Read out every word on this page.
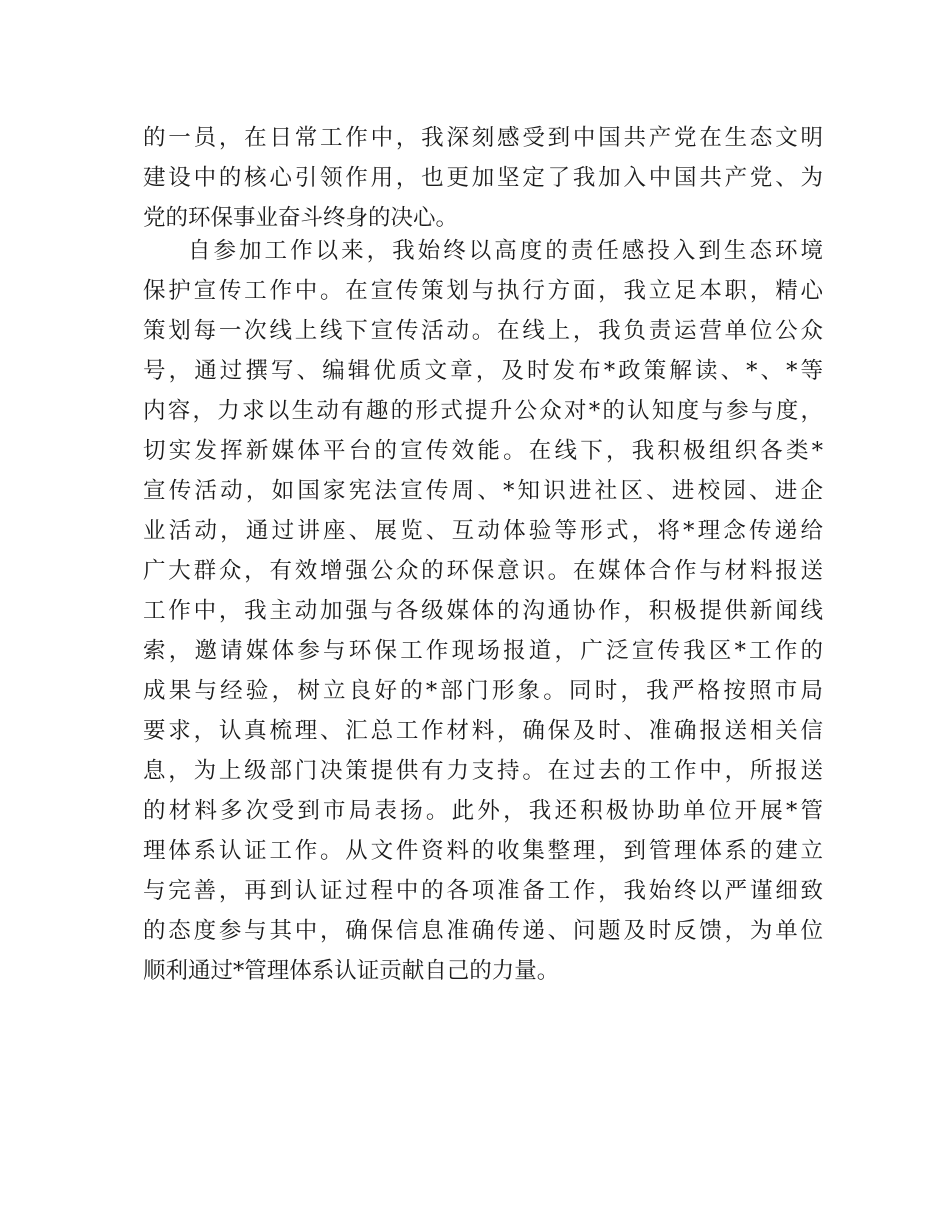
的一员，在日常工作中，我深刻感受到中国共产党在生态文明
建设中的核心引领作用，也更加坚定了我加入中国共产党、为
党的环保事业奋斗终身的决心。
自参加工作以来，我始终以高度的责任感投入到生态环境
保护宣传工作中。在宣传策划与执行方面，我立足本职，精心
策划每一次线上线下宣传活动。在线上，我负责运营单位公众
号，通过撰写、编辑优质文章，及时发布*政策解读、*、*等
内容，力求以生动有趣的形式提升公众对*的认知度与参与度，
切实发挥新媒体平台的宣传效能。在线下，我积极组织各类*
宣传活动，如国家宪法宣传周、*知识进社区、进校园、进企
业活动，通过讲座、展览、互动体验等形式，将*理念传递给
广大群众，有效增强公众的环保意识。在媒体合作与材料报送
工作中，我主动加强与各级媒体的沟通协作，积极提供新闻线
索，邀请媒体参与环保工作现场报道，广泛宣传我区*工作的
成果与经验，树立良好的*部门形象。同时，我严格按照市局
要求，认真梳理、汇总工作材料，确保及时、准确报送相关信
息，为上级部门决策提供有力支持。在过去的工作中，所报送
的材料多次受到市局表扬。此外，我还积极协助单位开展*管
理体系认证工作。从文件资料的收集整理，到管理体系的建立
与完善，再到认证过程中的各项准备工作，我始终以严谨细致
的态度参与其中，确保信息准确传递、问题及时反馈，为单位
顺利通过*管理体系认证贡献自己的力量。
